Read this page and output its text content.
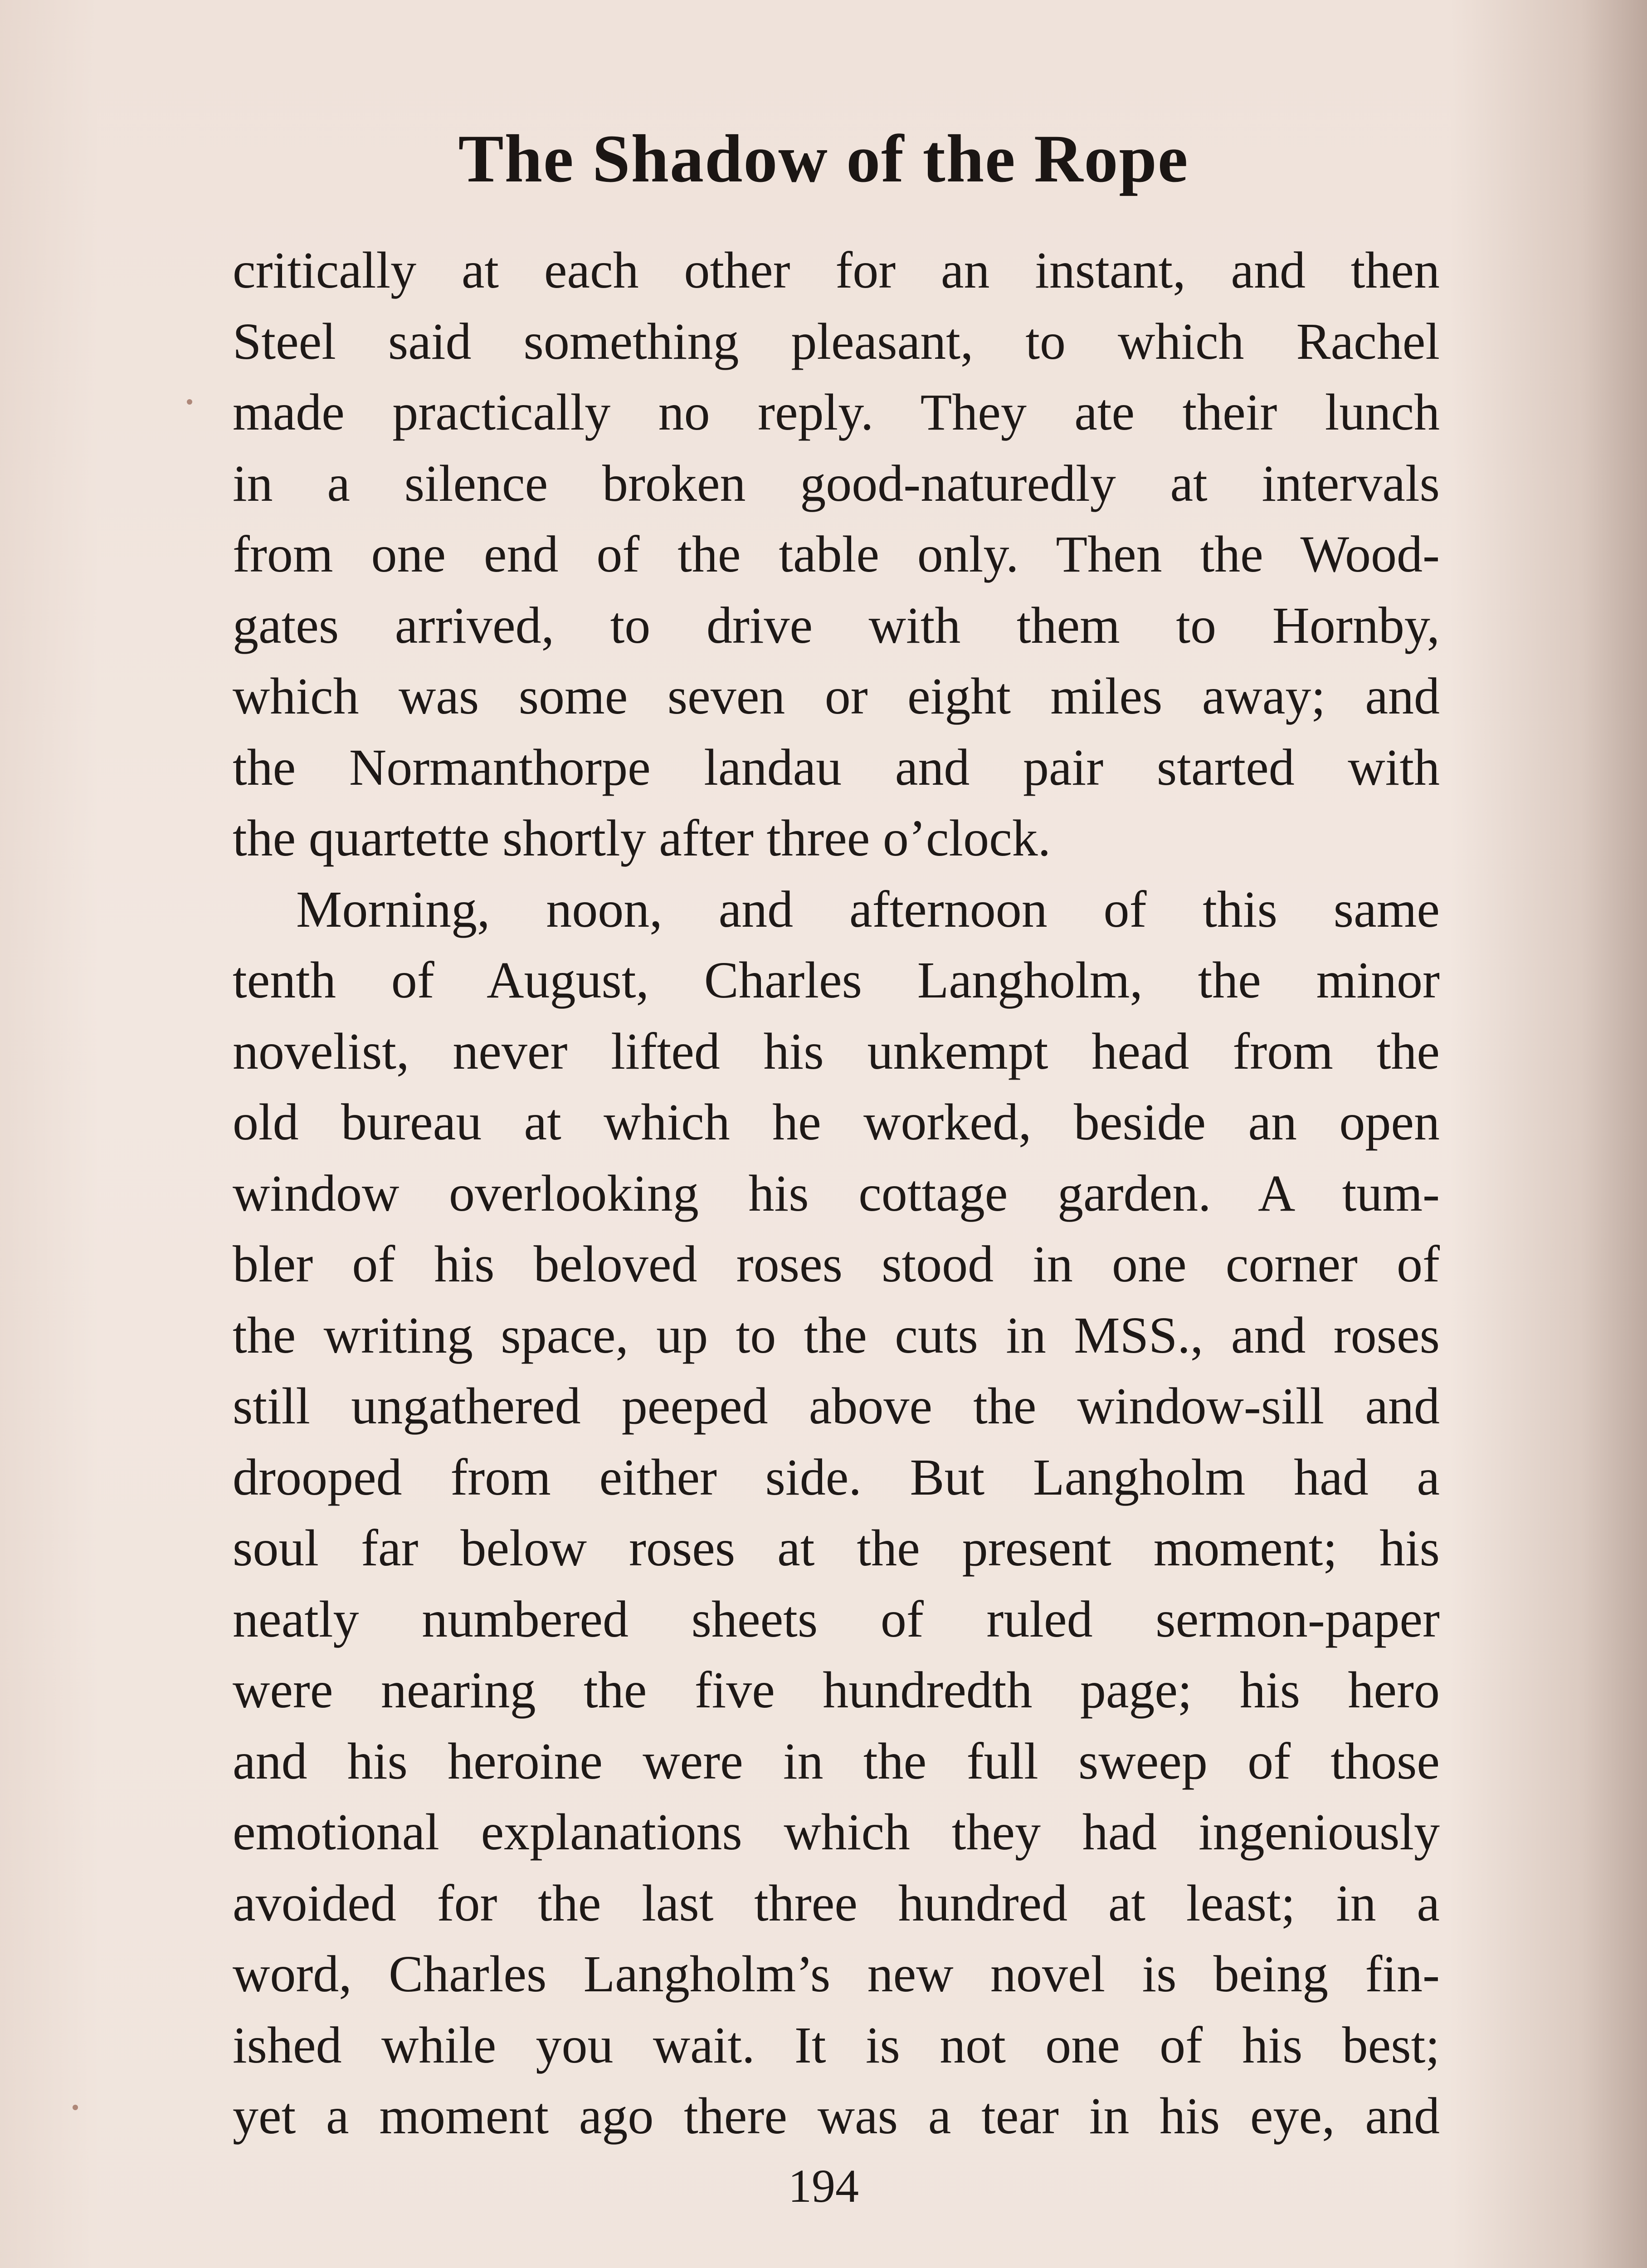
The Shadow of the Rope
critically at each other for an instant, and then
Steel said something pleasant, to which Rachel
made practically no reply. They ate their lunch
in a silence broken good-naturedly at intervals
from one end of the table only. Then the Wood-
gates arrived, to drive with them to Hornby,
which was some seven or eight miles away; and
the Normanthorpe landau and pair started with
the quartette shortly after three o’clock.
Morning, noon, and afternoon of this same
tenth of August, Charles Langholm, the minor
novelist, never lifted his unkempt head from the
old bureau at which he worked, beside an open
window overlooking his cottage garden. A tum-
bler of his beloved roses stood in one corner of
the writing space, up to the cuts in MSS., and roses
still ungathered peeped above the window-sill and
drooped from either side. But Langholm had a
soul far below roses at the present moment; his
neatly numbered sheets of ruled sermon-paper
were nearing the five hundredth page; his hero
and his heroine were in the full sweep of those
emotional explanations which they had ingeniously
avoided for the last three hundred at least; in a
word, Charles Langholm’s new novel is being fin-
ished while you wait. It is not one of his best;
yet a moment ago there was a tear in his eye, and
194
